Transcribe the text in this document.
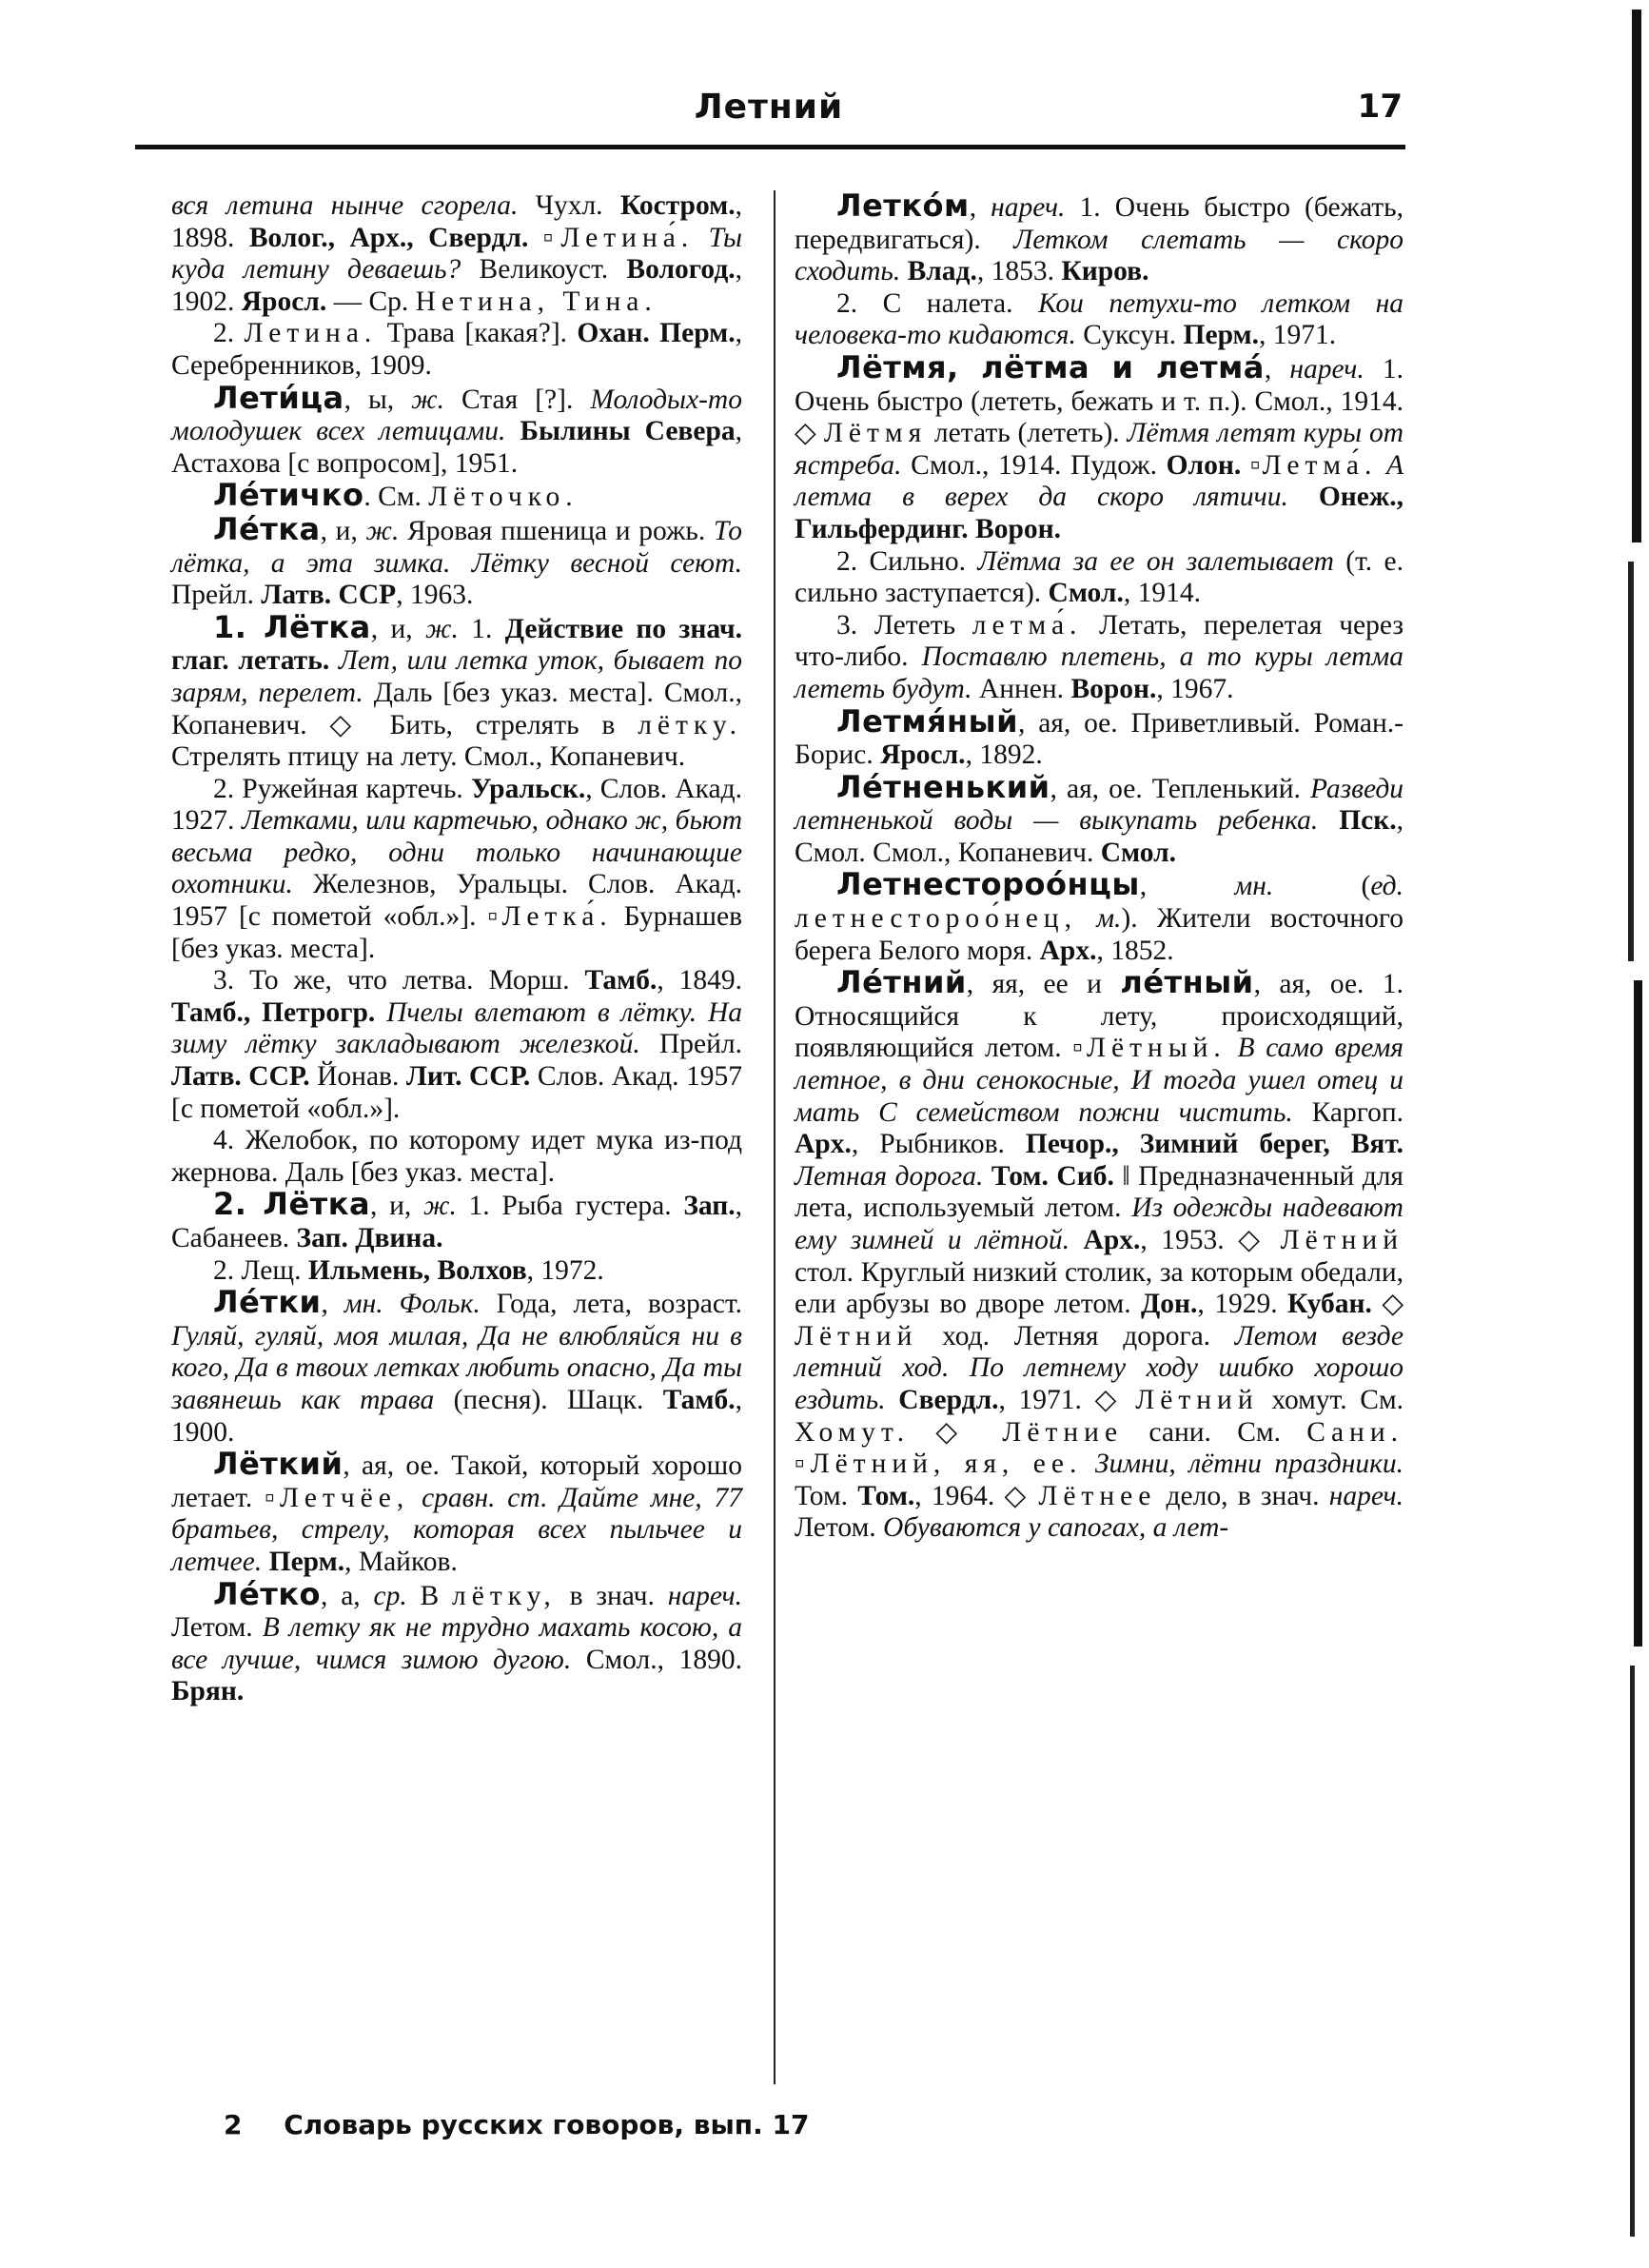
Летний	17

вся летина нынче сгорела. Чухл. Костром., 1898. Волог., Арх., Свердл. ▫Летина́. Ты куда летину деваешь? Великоуст. Вологод., 1902. Яросл. — Ср. Нетина, Тина.

2. Летина. Трава [какая?]. Охан. Перм., Серебренников, 1909.

Лети́ца, ы, ж. Стая [?]. Молодых-то молодушек всех летицами. Былины Севера, Астахова [с вопросом], 1951.

Ле́тичко. См. Лёточко.

Ле́тка, и, ж. Яровая пшеница и рожь. То лётка, а эта зимка. Лётку весной сеют. Прейл. Латв. ССР, 1963.

1. Лётка, и, ж. 1. Действие по знач. глаг. летать. Лет, или летка уток, бывает по зарям, перелет. Даль [без указ. места]. Смол., Копаневич. ◇ Бить, стрелять в лётку. Стрелять птицу на лету. Смол., Копаневич.

2. Ружейная картечь. Уральск., Слов. Акад. 1927. Летками, или картечью, однако ж, бьют весьма редко, одни только начинающие охотники. Железнов, Уральцы. Слов. Акад. 1957 [с пометой «обл.»]. ▫Летка́. Бурнашев [без указ. места].

3. То же, что летва. Морш. Тамб., 1849. Тамб., Петрогр. Пчелы влетают в лётку. На зиму лётку закладывают железкой. Прейл. Латв. ССР. Йонав. Лит. ССР. Слов. Акад. 1957 [с пометой «обл.»].

4. Желобок, по которому идет мука из-под жернова. Даль [без указ. места].

2. Лётка, и, ж. 1. Рыба густера. Зап., Сабанеев. Зап. Двина.

2. Лещ. Ильмень, Волхов, 1972.

Ле́тки, мн. Фольк. Года, лета, возраст. Гуляй, гуляй, моя милая, Да не влюбляйся ни в кого, Да в твоих летках любить опасно, Да ты завянешь как трава (песня). Шацк. Тамб., 1900.

Лёткий, ая, ое. Такой, который хорошо летает. ▫Летчёе, сравн. ст. Дайте мне, 77 братьев, стрелу, которая всех пыльчее и летчее. Перм., Майков.

Ле́тко, а, ср. В лётку, в знач. нареч. Летом. В летку як не трудно махать косою, а все лучше, чимся зимою дугою. Смол., 1890. Брян.

Летко́м, нареч. 1. Очень быстро (бежать, передвигаться). Летком слетать — скоро сходить. Влад., 1853. Киров.

2. С налета. Кои петухи-то летком на человека-то кидаются. Суксун. Перм., 1971.

Лётмя, лётма и летма́, нареч. 1. Очень быстро (лететь, бежать и т. п.). Смол., 1914. ◇ Лётмя летать (лететь). Лётмя летят куры от ястреба. Смол., 1914. Пудож. Олон. ▫Летма́. А летма в верех да скоро лятичи. Онеж., Гильфердинг. Ворон.

2. Сильно. Лётма за ее он залетывает (т. е. сильно заступается). Смол., 1914.

3. Лететь летма́. Летать, перелетая через что-либо. Поставлю плетень, а то куры летма лететь будут. Аннен. Ворон., 1967.

Летмя́ный, ая, ое. Приветливый. Роман.-Борис. Яросл., 1892.

Ле́тненький, ая, ое. Тепленький. Разведи летненькой воды — выкупать ребенка. Пск., Смол. Смол., Копаневич. Смол.

Летнестороо́нцы, мн. (ед. летнестороо́нец, м.). Жители восточного берега Белого моря. Арх., 1852.

Ле́тний, яя, ее и ле́тный, ая, ое. 1. Относящийся к лету, происходящий, появляющийся летом. ▫Лётный. В само время летное, в дни сенокосные, И тогда ушел отец и мать С семейством пожни чистить. Каргоп. Арх., Рыбников. Печор., Зимний берег, Вят. Летная дорога. Том. Сиб. ‖ Предназначенный для лета, используемый летом. Из одежды надевают ему зимней и лётной. Арх., 1953. ◇ Лётний стол. Круглый низкий столик, за которым обедали, ели арбузы во дворе летом. Дон., 1929. Кубан. ◇ Лётний ход. Летняя дорога. Летом везде летний ход. По летнему ходу шибко хорошо ездить. Свердл., 1971. ◇ Лётний хомут. См. Хомут. ◇ Лётние сани. См. Сани. ▫Лётний, яя, ее. Зимни, лётни праздники. Том. Том., 1964. ◇ Лётнее дело, в знач. нареч. Летом. Обуваются у сапогах, а лет-

2 Словарь русских говоров, вып. 17
